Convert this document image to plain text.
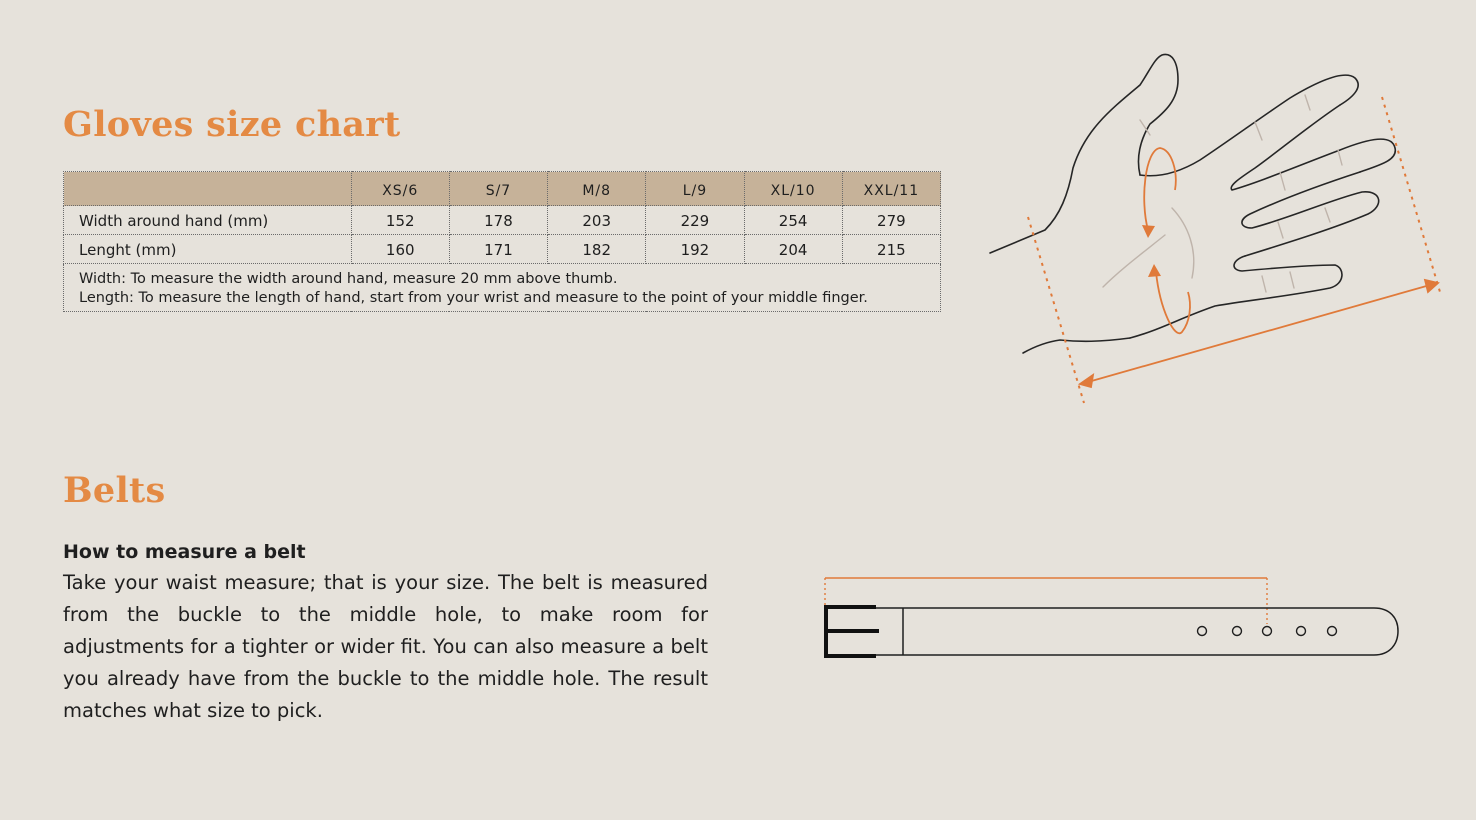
Gloves size chart
	XS/6	S/7	M/8	L/9	XL/10	XXL/11
Width around hand (mm)	152	178	203	229	254	279
Lenght (mm)	160	171	182	192	204	215

Width: To measure the width around hand, measure 20 mm above thumb.
Length: To measure the length of hand, start from your wrist and measure to the point of your middle finger.						
Belts

How to measure a belt

Take your waist measure; that is your size. The belt is measured from the buckle to the middle hole, to make room for adjustments for a tighter or wider fit. You can also measure a belt you already have from the buckle to the middle hole. The result matches what size to pick.
